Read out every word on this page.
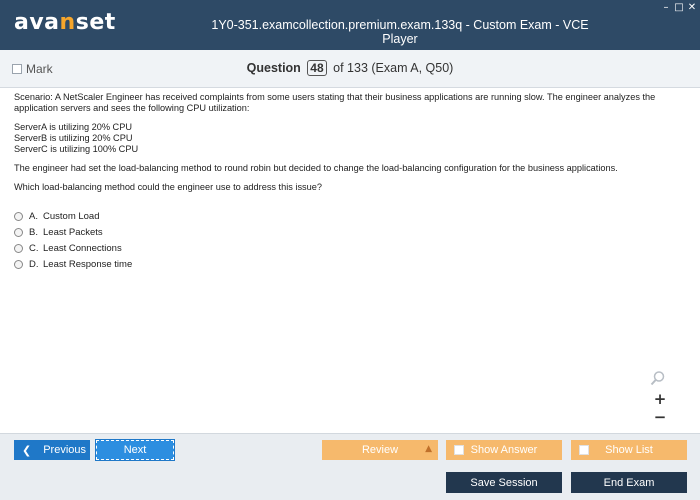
avanset	1Y0-351.examcollection.premium.exam.133q - Custom Exam - VCE Player
– □ ✕
Mark	Question 48 of 133 (Exam A, Q50)
Scenario: A NetScaler Engineer has received complaints from some users stating that their business applications are running slow. The engineer analyzes the application servers and sees the following CPU utilization:
ServerA is utilizing 20% CPU
ServerB is utilizing 20% CPU
ServerC is utilizing 100% CPU
The engineer had set the load-balancing method to round robin but decided to change the load-balancing configuration for the business applications.
Which load-balancing method could the engineer use to address this issue?
A. Custom Load
B. Least Packets
C. Least Connections
D. Least Response time
+
−
❮ Previous	Next	Review	▲	Show Answer	Show List
Save Session	End Exam
